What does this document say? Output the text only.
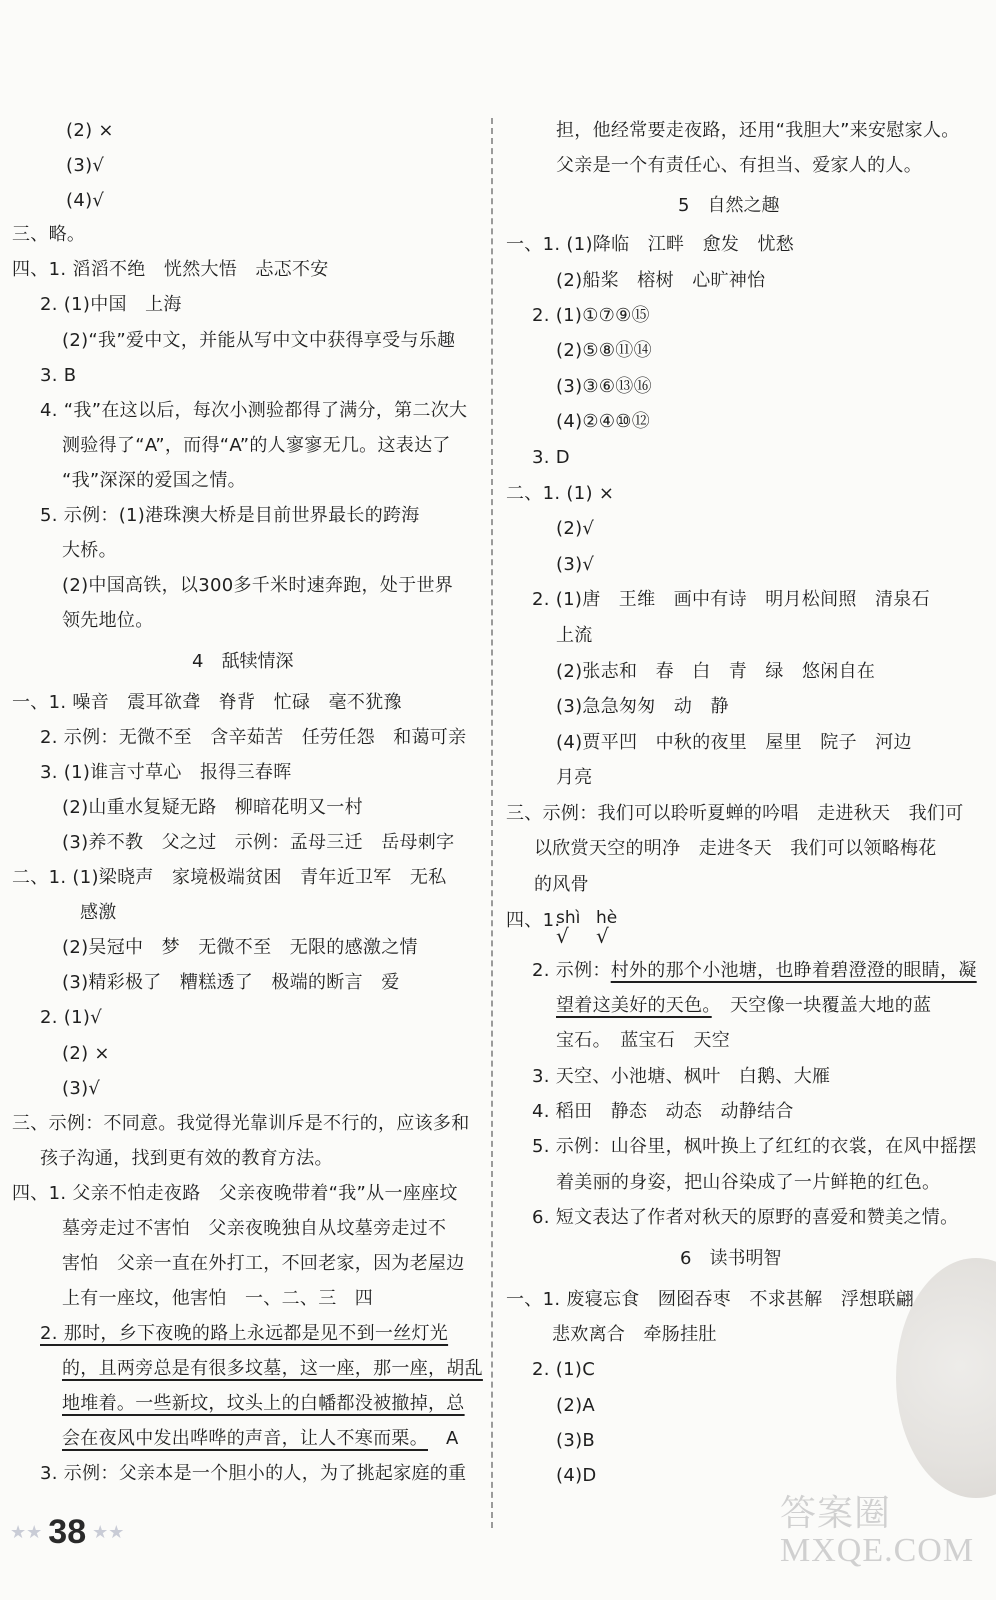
(2) ×
(3)√
(4)√
三、略。
四、1. 滔滔不绝　恍然大悟　忐忑不安
2. (1)中国　上海
(2)“我”爱中文，并能从写中文中获得享受与乐趣
3. B
4. “我”在这以后，每次小测验都得了满分，第二次大
测验得了“A”，而得“A”的人寥寥无几。这表达了
“我”深深的爱国之情。
5. 示例：(1)港珠澳大桥是目前世界最长的跨海
大桥。
(2)中国高铁，以300多千米时速奔跑，处于世界
领先地位。
一、1. 噪音　震耳欲聋　脊背　忙碌　毫不犹豫
2. 示例：无微不至　含辛茹苦　任劳任怨　和蔼可亲
3. (1)谁言寸草心　报得三春晖
(2)山重水复疑无路　柳暗花明又一村
(3)养不教　父之过　示例：孟母三迁　岳母刺字
二、1. (1)梁晓声　家境极端贫困　青年近卫军　无私
感激
(2)吴冠中　梦　无微不至　无限的感激之情
(3)精彩极了　糟糕透了　极端的断言　爱
2. (1)√
(2) ×
(3)√
三、示例：不同意。我觉得光靠训斥是不行的，应该多和
孩子沟通，找到更有效的教育方法。
四、1. 父亲不怕走夜路　父亲夜晚带着“我”从一座座坟
墓旁走过不害怕　父亲夜晚独自从坟墓旁走过不
害怕　父亲一直在外打工，不回老家，因为老屋边
上有一座坟，他害怕　一、二、三　四
2. 那时，乡下夜晚的路上永远都是见不到一丝灯光
的，且两旁总是有很多坟墓，这一座，那一座，胡乱
地堆着。一些新坟，坟头上的白幡都没被撤掉，总
会在夜风中发出哗哗的声音，让人不寒而栗。
3. 示例：父亲本是一个胆小的人，为了挑起家庭的重
A
4　舐犊情深
担，他经常要走夜路，还用“我胆大”来安慰家人。
父亲是一个有责任心、有担当、爱家人的人。
一、1. (1)降临　江畔　愈发　忧愁
(2)船桨　榕树　心旷神怡
2. (1)①⑦⑨⑮
(2)⑤⑧⑪⑭
(3)③⑥⑬⑯
(4)②④⑩⑫
3. D
二、1. (1) ×
(2)√
(3)√
2. (1)唐　王维　画中有诗　明月松间照　清泉石
上流
(2)张志和　春　白　青　绿　悠闲自在
(3)急急匆匆　动　静
(4)贾平凹　中秋的夜里　屋里　院子　河边
月亮
三、示例：我们可以聆听夏蝉的吟唱　走进秋天　我们可
以欣赏天空的明净　走进冬天　我们可以领略梅花
的风骨
四、1.
2. 示例：村外的那个小池塘，也睁着碧澄澄的眼睛，凝
望着这美好的天色。　天空像一块覆盖大地的蓝
宝石。　蓝宝石　天空
3. 天空、小池塘、枫叶　白鹅、大雁
4. 稻田　静态　动态　动静结合
5. 示例：山谷里，枫叶换上了红红的衣裳，在风中摇摆
着美丽的身姿，把山谷染成了一片鲜艳的红色。
6. 短文表达了作者对秋天的原野的喜爱和赞美之情。
一、1. 废寝忘食　囫囵吞枣　不求甚解　浮想联翩
悲欢离合　牵肠挂肚
2. (1)C
(2)A
(3)B
(4)D
shì hè
√ √
5　自然之趣
6　读书明智
★★ 38 ★★	答案圈
MXQE.COM
